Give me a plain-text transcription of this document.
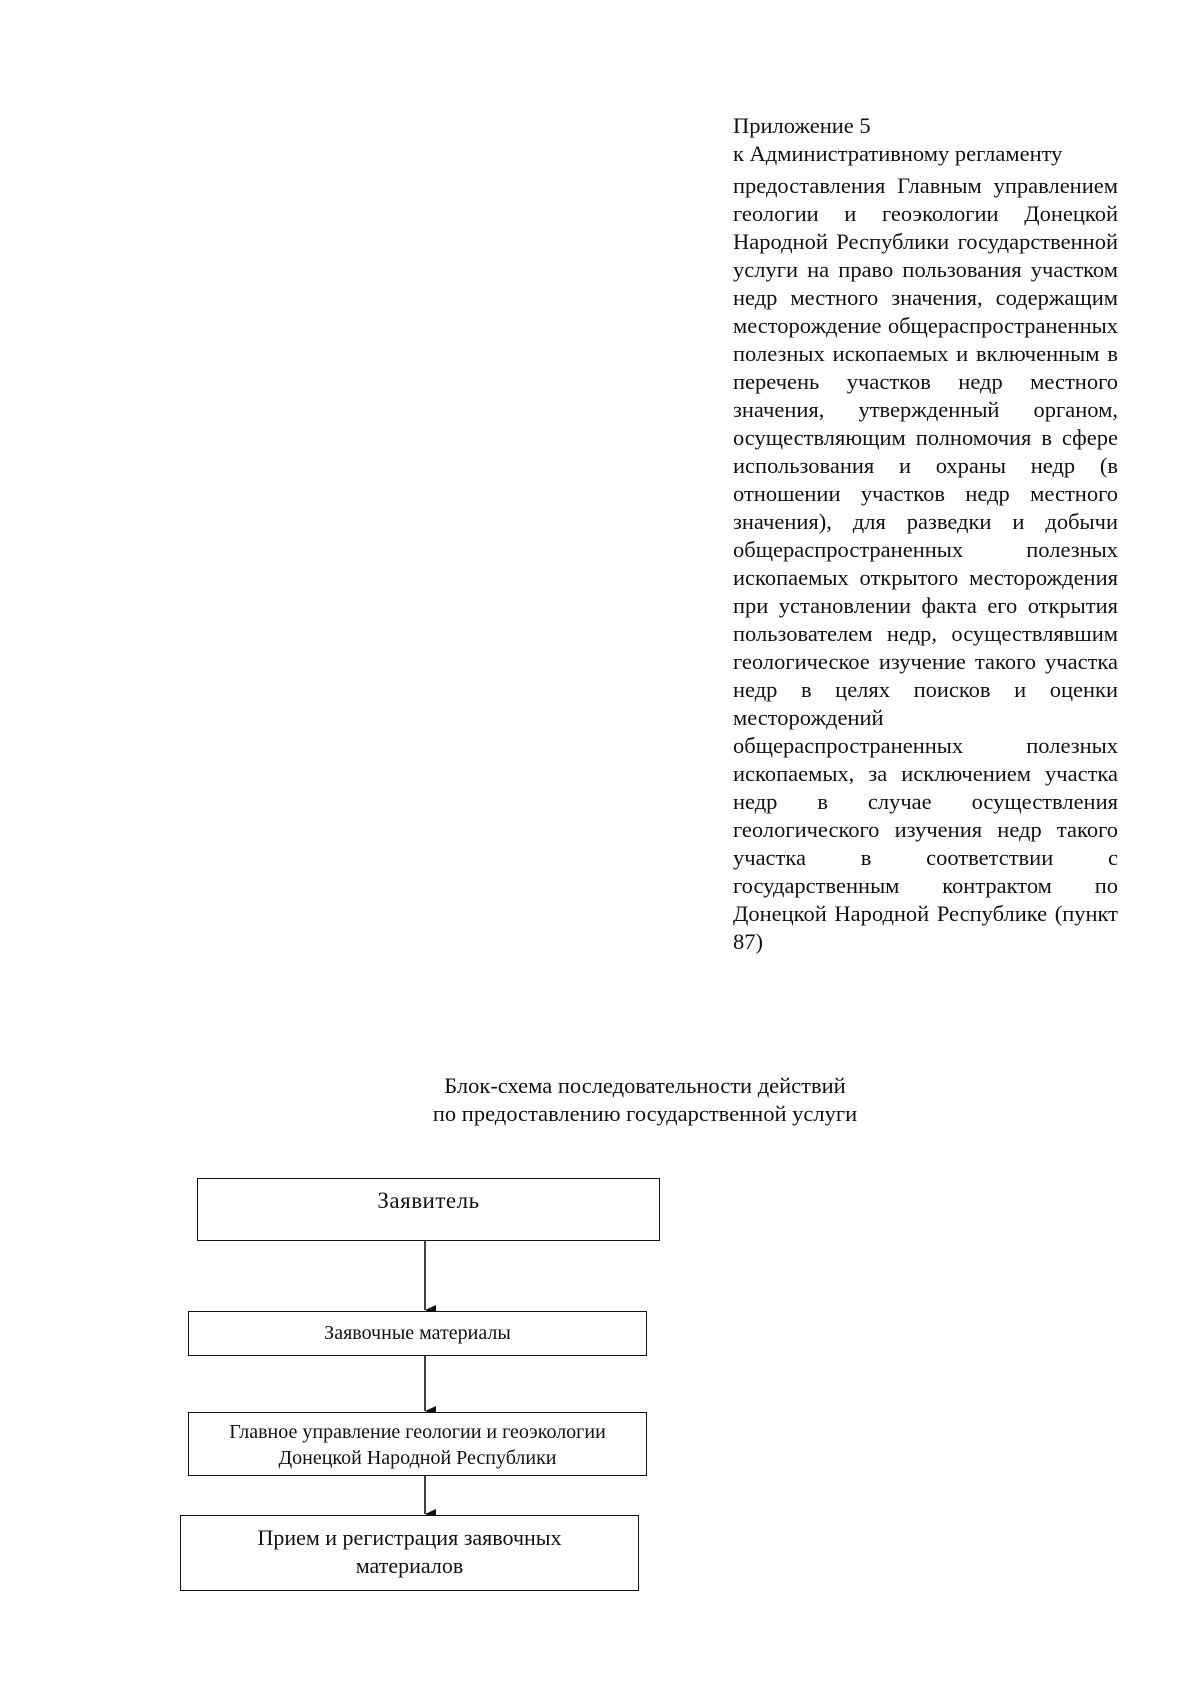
Приложение 5
к Административному регламенту
предоставления Главным управлением геологии и геоэкологии Донецкой Народной Республики государственной услуги на право пользования участком недр местного значения, содержащим месторождение общераспространенных полезных ископаемых и включенным в перечень участков недр местного значения, утвержденный органом, осуществляющим полномочия в сфере использования и охраны недр (в отношении участков недр местного значения), для разведки и добычи общераспространенных полезных ископаемых открытого месторождения при установлении факта его открытия пользователем недр, осуществлявшим геологическое изучение такого участка недр в целях поисков и оценки месторождений общераспространенных полезных ископаемых, за исключением участка недр в случае осуществления геологического изучения недр такого участка в соответствии с государственным контрактом по Донецкой Народной Республике (пункт 87)
Блок-схема последовательности действий
по предоставлению государственной услуги
Заявитель
Заявочные материалы
Главное управление геологии и геоэкологии
Донецкой Народной Республики
Прием и регистрация заявочных
материалов
